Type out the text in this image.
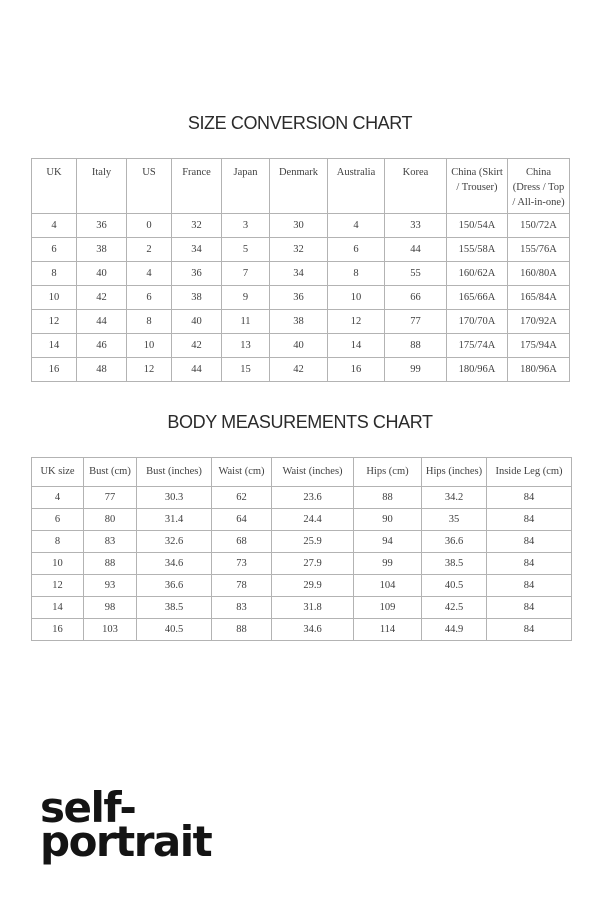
SIZE CONVERSION CHART
UK	Italy	US	France	Japan	Denmark	Australia	Korea	China (Skirt / Trouser)	China (Dress / Top / All-in-one)
4	36	0	32	3	30	4	33	150/54A	150/72A
6	38	2	34	5	32	6	44	155/58A	155/76A
8	40	4	36	7	34	8	55	160/62A	160/80A
10	42	6	38	9	36	10	66	165/66A	165/84A
12	44	8	40	11	38	12	77	170/70A	170/92A
14	46	10	42	13	40	14	88	175/74A	175/94A
16	48	12	44	15	42	16	99	180/96A	180/96A
BODY MEASUREMENTS CHART
UK size	Bust (cm)	Bust (inches)	Waist (cm)	Waist (inches)	Hips (cm)	Hips (inches)	Inside Leg (cm)
4	77	30.3	62	23.6	88	34.2	84
6	80	31.4	64	24.4	90	35	84
8	83	32.6	68	25.9	94	36.6	84
10	88	34.6	73	27.9	99	38.5	84
12	93	36.6	78	29.9	104	40.5	84
14	98	38.5	83	31.8	109	42.5	84
16	103	40.5	88	34.6	114	44.9	84
self-
portrait
